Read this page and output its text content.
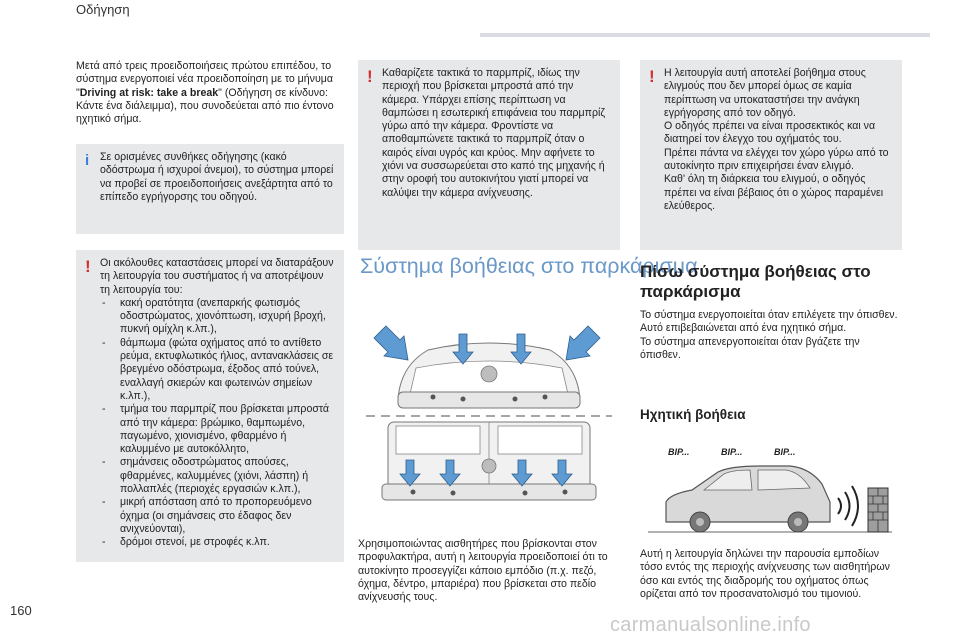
Οδήγηση

Μετά από τρεις προειδοποιήσεις πρώτου επιπέδου, το σύστημα ενεργοποιεί νέα προειδοποίηση με το μήνυμα "Driving at risk: take a break" (Οδήγηση σε κίνδυνο: Κάντε ένα διάλειμμα), που συνοδεύεται από πιο έντονο ηχητικό σήμα.

i Σε ορισμένες συνθήκες οδήγησης (κακό οδόστρωμα ή ισχυροί άνεμοι), το σύστημα μπορεί να προβεί σε προειδοποιήσεις ανεξάρτητα από το επίπεδο εγρήγορσης του οδηγού.

! Οι ακόλουθες καταστάσεις μπορεί να διαταράξουν τη λειτουργία του συστήματος ή να αποτρέψουν τη λειτουργία του:

- κακή ορατότητα (ανεπαρκής φωτισμός οδοστρώματος, χιονόπτωση, ισχυρή βροχή, πυκνή ομίχλη κ.λπ.),
- θάμπωμα (φώτα οχήματος από το αντίθετο ρεύμα, εκτυφλωτικός ήλιος, αντανακλάσεις σε βρεγμένο οδόστρωμα, έξοδος από τούνελ, εναλλαγή σκιερών και φωτεινών σημείων κ.λπ.),
- τμήμα του παρμπρίζ που βρίσκεται μπροστά από την κάμερα: βρώμικο, θαμπωμένο, παγωμένο, χιονισμένο, φθαρμένο ή καλυμμένο με αυτοκόλλητο,
- σημάνσεις οδοστρώματος απούσες, φθαρμένες, καλυμμένες (χιόνι, λάσπη) ή πολλαπλές (περιοχές εργασιών κ.λπ.),
- μικρή απόσταση από το προπορευόμενο όχημα (οι σημάνσεις στο έδαφος δεν ανιχνεύονται),
- δρόμοι στενοί, με στροφές κ.λπ.
! Καθαρίζετε τακτικά το παρμπρίζ, ιδίως την περιοχή που βρίσκεται μπροστά από την κάμερα. Υπάρχει επίσης περίπτωση να θαμπώσει η εσωτερική επιφάνεια του παρμπρίζ γύρω από την κάμερα. Φροντίστε να αποθαμπώνετε τακτικά το παρμπρίζ όταν ο καιρός είναι υγρός και κρύος. Μην αφήνετε το χιόνι να συσσωρεύεται στο καπό της μηχανής ή στην οροφή του αυτοκινήτου γιατί μπορεί να καλύψει την κάμερα ανίχνευσης.

Σύστημα βοήθειας στο παρκάρισμα

Χρησιμοποιώντας αισθητήρες που βρίσκονται στον προφυλακτήρα, αυτή η λειτουργία προειδοποιεί ότι το αυτοκίνητο προσεγγίζει κάποιο εμπόδιο (π.χ. πεζό, όχημα, δέντρο, μπαριέρα) που βρίσκεται στο πεδίο ανίχνευσής τους.

! Η λειτουργία αυτή αποτελεί βοήθημα στους ελιγμούς που δεν μπορεί όμως σε καμία περίπτωση να υποκαταστήσει την ανάγκη εγρήγορσης από τον οδηγό.
Ο οδηγός πρέπει να είναι προσεκτικός και να διατηρεί τον έλεγχο του οχήματός του.
Πρέπει πάντα να ελέγχει τον χώρο γύρω από το αυτοκίνητο πριν επιχειρήσει έναν ελιγμό.
Καθ' όλη τη διάρκεια του ελιγμού, ο οδηγός πρέπει να είναι βέβαιος ότι ο χώρος παραμένει ελεύθερος.

Πίσω σύστημα βοήθειας στο παρκάρισμα

Το σύστημα ενεργοποιείται όταν επιλέγετε την όπισθεν.
Αυτό επιβεβαιώνεται από ένα ηχητικό σήμα.
Το σύστημα απενεργοποιείται όταν βγάζετε την όπισθεν.

Ηχητική βοήθεια
BIP...	BIP...	BIP...

Αυτή η λειτουργία δηλώνει την παρουσία εμποδίων τόσο εντός της περιοχής ανίχνευσης των αισθητήρων όσο και εντός της διαδρομής του οχήματος όπως ορίζεται από τον προσανατολισμό του τιμονιού.

160
carmanualsonline.info
